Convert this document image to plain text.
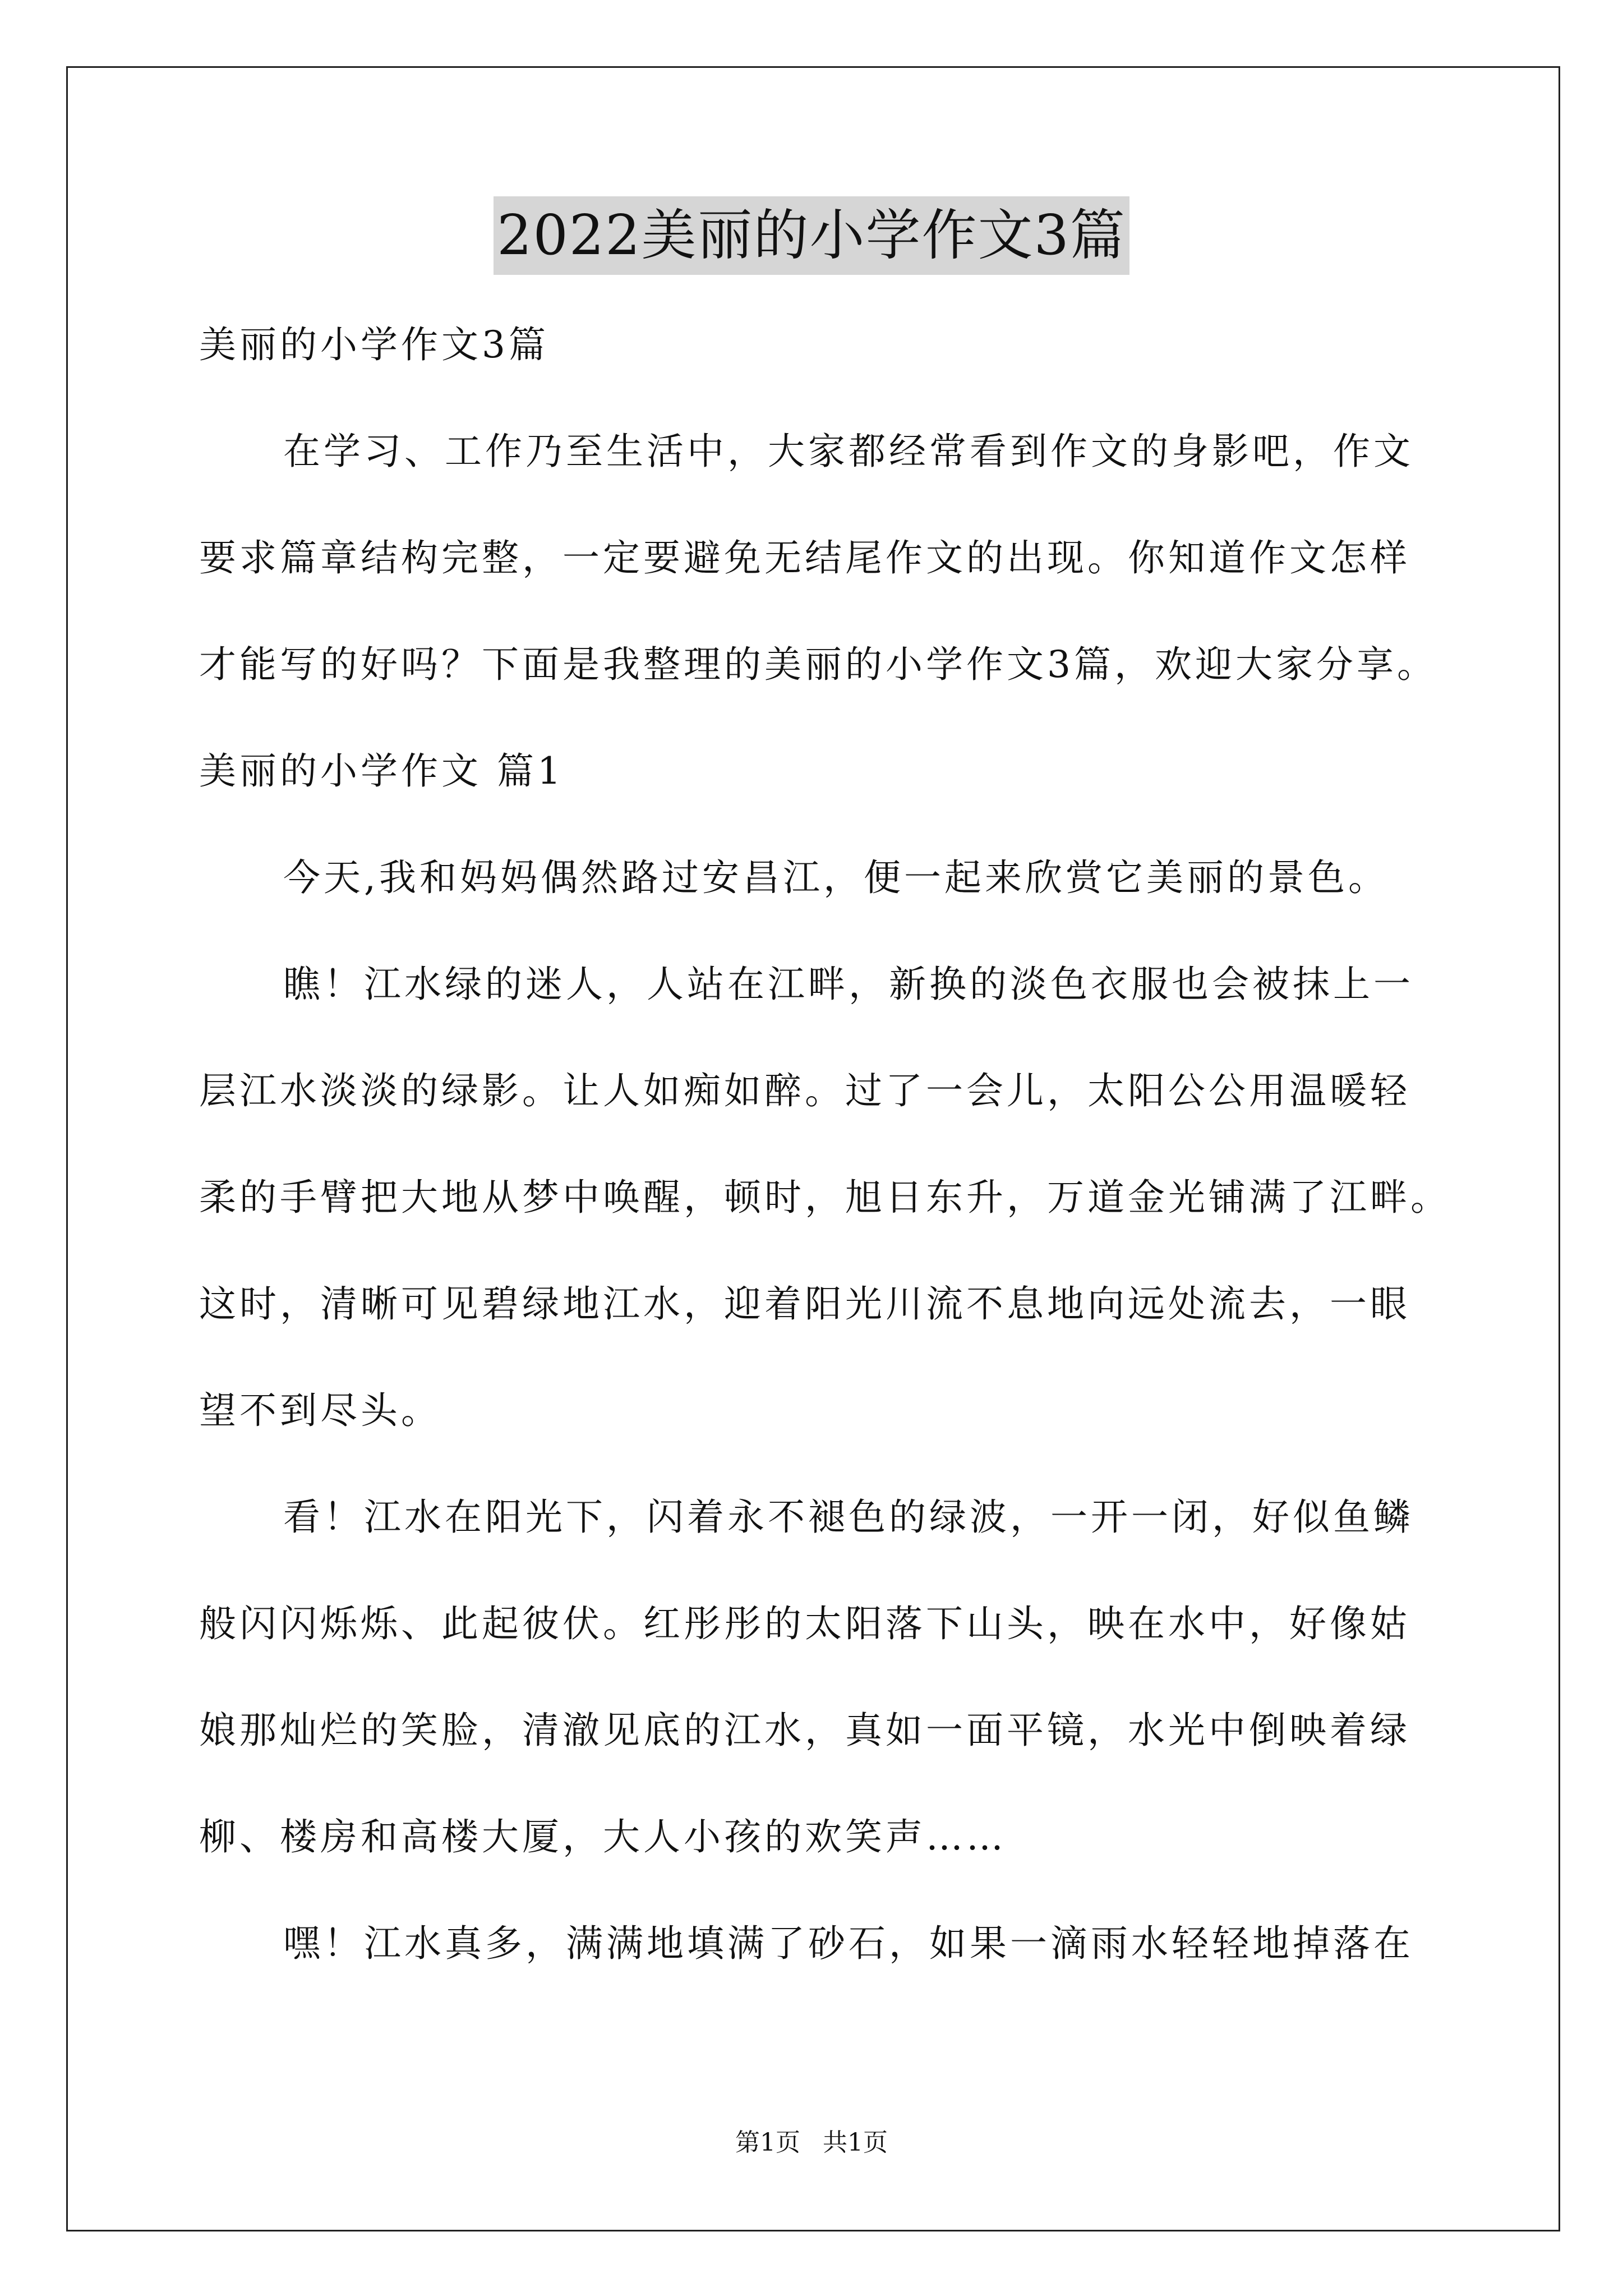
2022美丽的小学作文3篇
美丽的小学作文3篇
在学习、工作乃至生活中，大家都经常看到作文的身影吧，作文
要求篇章结构完整，一定要避免无结尾作文的出现。你知道作文怎样
才能写的好吗？下面是我整理的美丽的小学作文3篇，欢迎大家分享。
美丽的小学作文 篇1
今天,我和妈妈偶然路过安昌江，便一起来欣赏它美丽的景色。
瞧！江水绿的迷人，人站在江畔，新换的淡色衣服也会被抹上一
层江水淡淡的绿影。让人如痴如醉。过了一会儿，太阳公公用温暖轻
柔的手臂把大地从梦中唤醒，顿时，旭日东升，万道金光铺满了江畔。
这时，清晰可见碧绿地江水，迎着阳光川流不息地向远处流去，一眼
望不到尽头。
看！江水在阳光下，闪着永不褪色的绿波，一开一闭，好似鱼鳞
般闪闪烁烁、此起彼伏。红彤彤的太阳落下山头，映在水中，好像姑
娘那灿烂的笑脸，清澈见底的江水，真如一面平镜，水光中倒映着绿
柳、楼房和高楼大厦，大人小孩的欢笑声……
嘿！江水真多，满满地填满了砂石，如果一滴雨水轻轻地掉落在
第1页 共1页
